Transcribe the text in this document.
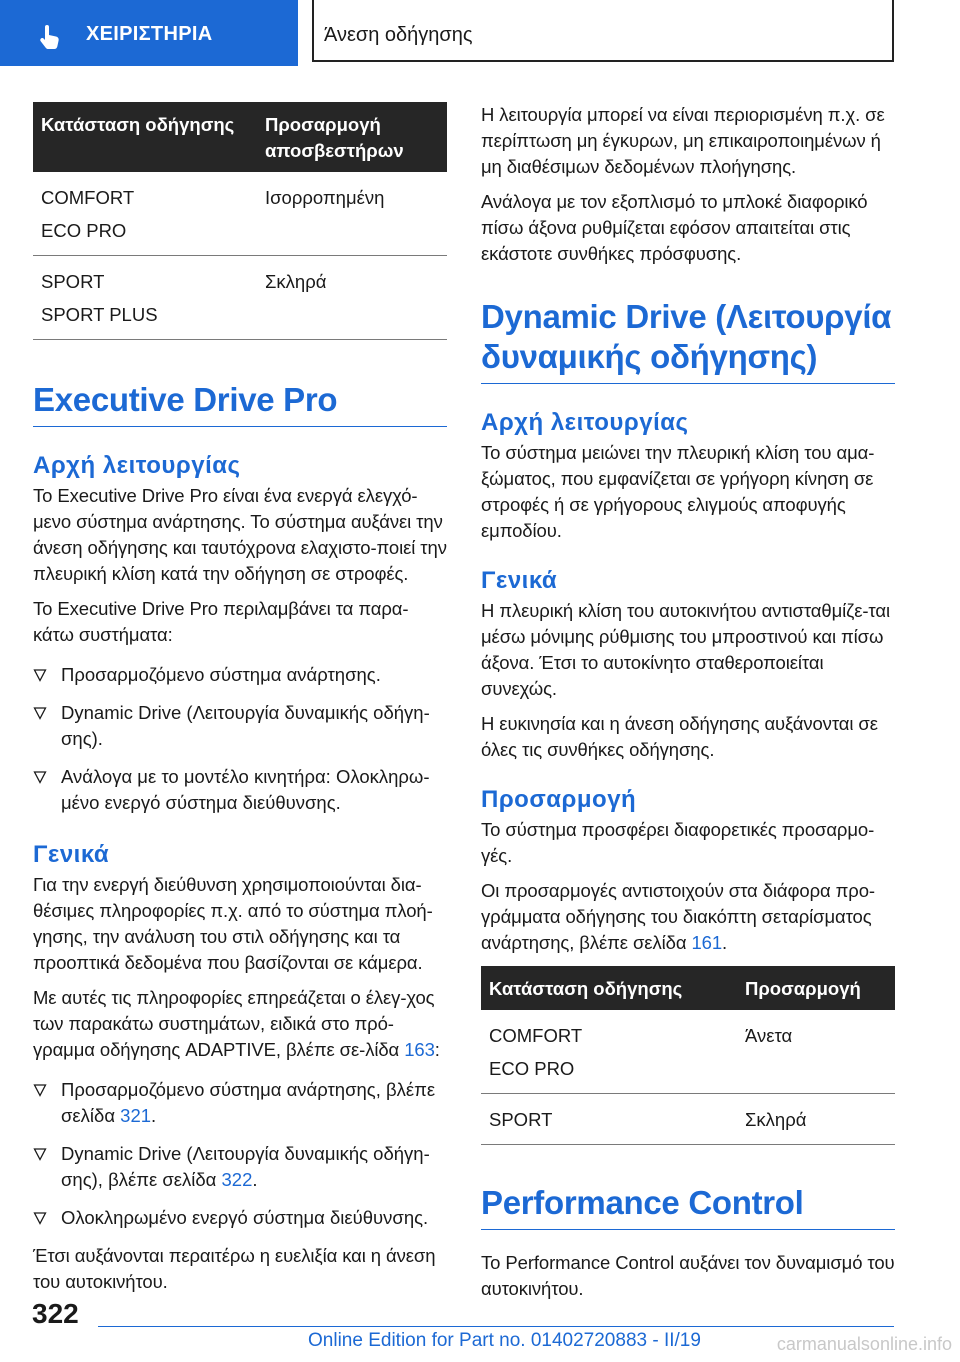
ΧΕΙΡΙΣΤΗΡΙΑ	Άνεση οδήγησης
Κατάσταση οδήγησης	Προσαρμογή αποσβεστήρων

COMFORT
ECO PRO	Ισορροπημένη

SPORT
SPORT PLUS	Σκληρά
Executive Drive Pro
Αρχή λειτουργίας

Το Executive Drive Pro είναι ένα ενεργά ελεγχό-μενο σύστημα ανάρτησης. Το σύστημα αυξάνει την άνεση οδήγησης και ταυτόχρονα ελαχιστο-ποιεί την πλευρική κλίση κατά την οδήγηση σε στροφές.

Το Executive Drive Pro περιλαμβάνει τα παρα-κάτω συστήματα:

Προσαρμοζόμενο σύστημα ανάρτησης.
Dynamic Drive (Λειτουργία δυναμικής οδήγη-σης).
Ανάλογα με το μοντέλο κινητήρα: Ολοκληρω-μένο ενεργό σύστημα διεύθυνσης.
Γενικά

Για την ενεργή διεύθυνση χρησιμοποιούνται δια-θέσιμες πληροφορίες π.χ. από το σύστημα πλοή-γησης, την ανάλυση του στιλ οδήγησης και τα προοπτικά δεδομένα που βασίζονται σε κάμερα.

Με αυτές τις πληροφορίες επηρεάζεται ο έλεγ-χος των παρακάτω συστημάτων, ειδικά στο πρό-γραμμα οδήγησης ADAPTIVE, βλέπε σε-λίδα 163:

Προσαρμοζόμενο σύστημα ανάρτησης, βλέπε σελίδα 321.
Dynamic Drive (Λειτουργία δυναμικής οδήγη-σης), βλέπε σελίδα 322.
Ολοκληρωμένο ενεργό σύστημα διεύθυνσης.

Έτσι αυξάνονται περαιτέρω η ευελιξία και η άνεση του αυτοκινήτου.

Η λειτουργία μπορεί να είναι περιορισμένη π.χ. σε περίπτωση μη έγκυρων, μη επικαιροποιημένων ή μη διαθέσιμων δεδομένων πλοήγησης.

Ανάλογα με τον εξοπλισμό το μπλοκέ διαφορικό πίσω άξονα ρυθμίζεται εφόσον απαιτείται στις εκάστοτε συνθήκες πρόσφυσης.

Dynamic Drive (Λειτουργία δυναμικής οδήγησης)
Αρχή λειτουργίας

Το σύστημα μειώνει την πλευρική κλίση του αμα-ξώματος, που εμφανίζεται σε γρήγορη κίνηση σε στροφές ή σε γρήγορους ελιγμούς αποφυγής εμποδίου.

Γενικά

Η πλευρική κλίση του αυτοκινήτου αντισταθμίζε-ται μέσω μόνιμης ρύθμισης του μπροστινού και πίσω άξονα. Έτσι το αυτοκίνητο σταθεροποιείται συνεχώς.

Η ευκινησία και η άνεση οδήγησης αυξάνονται σε όλες τις συνθήκες οδήγησης.

Προσαρμογή

Το σύστημα προσφέρει διαφορετικές προσαρμο-γές.

Οι προσαρμογές αντιστοιχούν στα διάφορα προ-γράμματα οδήγησης του διακόπτη σεταρίσματος ανάρτησης, βλέπε σελίδα 161.

Κατάσταση οδήγησης	Προσαρμογή

COMFORT
ECO PRO	Άνετα

SPORT	Σκληρά
Performance Control

Το Performance Control αυξάνει τον δυναμισμό του αυτοκινήτου.

322
Online Edition for Part no. 01402720883 - II/19	carmanualsonline.info
